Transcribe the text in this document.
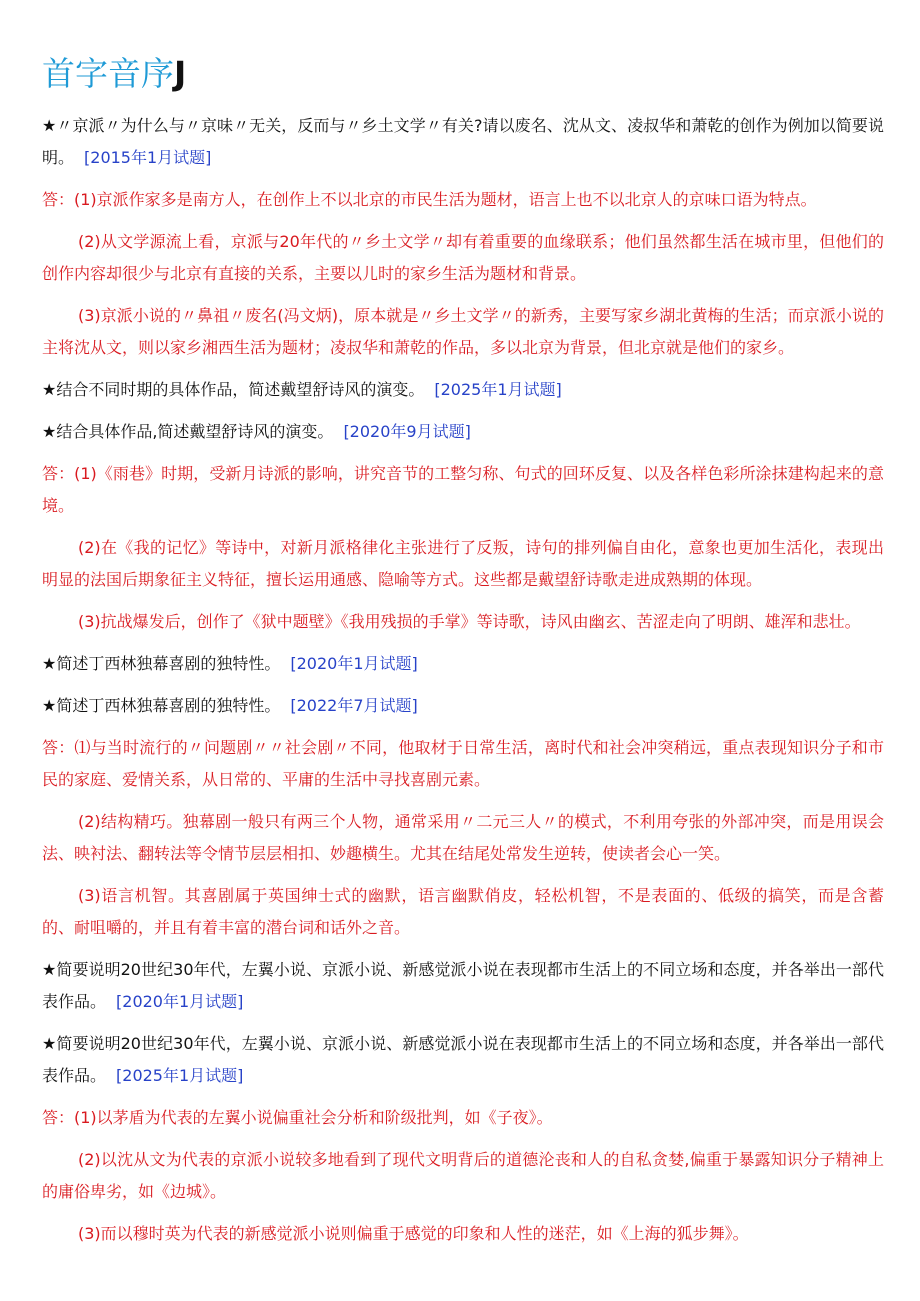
首字音序J

★〃京派〃为什么与〃京味〃无关，反而与〃乡土文学〃有关?请以废名、沈从文、凌叔华和萧乾的创作为例加以简要说明。 [2015年1月试题]

答：(1)京派作家多是南方人，在创作上不以北京的市民生活为题材，语言上也不以北京人的京味口语为特点。

(2)从文学源流上看，京派与20年代的〃乡土文学〃却有着重要的血缘联系；他们虽然都生活在城市里，但他们的创作内容却很少与北京有直接的关系，主要以儿时的家乡生活为题材和背景。

(3)京派小说的〃鼻祖〃废名(冯文炳)，原本就是〃乡土文学〃的新秀，主要写家乡湖北黄梅的生活；而京派小说的主将沈从文，则以家乡湘西生活为题材；凌叔华和萧乾的作品，多以北京为背景，但北京就是他们的家乡。

★结合不同时期的具体作品，简述戴望舒诗风的演变。 [2025年1月试题]

★结合具体作品,简述戴望舒诗风的演变。 [2020年9月试题]

答：(1)《雨巷》时期，受新月诗派的影响，讲究音节的工整匀称、句式的回环反复、以及各样色彩所涂抹建构起来的意境。

(2)在《我的记忆》等诗中，对新月派格律化主张进行了反叛，诗句的排列偏自由化，意象也更加生活化，表现出明显的法国后期象征主义特征，擅长运用通感、隐喻等方式。这些都是戴望舒诗歌走进成熟期的体现。

(3)抗战爆发后，创作了《狱中题壁》《我用残损的手掌》等诗歌，诗风由幽玄、苦涩走向了明朗、雄浑和悲壮。

★简述丁西林独幕喜剧的独特性。 [2020年1月试题]

★简述丁西林独幕喜剧的独特性。 [2022年7月试题]

答：⑴与当时流行的〃问题剧〃〃社会剧〃不同，他取材于日常生活，离时代和社会冲突稍远，重点表现知识分子和市民的家庭、爱情关系，从日常的、平庸的生活中寻找喜剧元素。

(2)结构精巧。独幕剧一般只有两三个人物，通常采用〃二元三人〃的模式，不利用夸张的外部冲突，而是用误会法、映衬法、翻转法等令情节层层相扣、妙趣横生。尤其在结尾处常发生逆转，使读者会心一笑。

(3)语言机智。其喜剧属于英国绅士式的幽默，语言幽默俏皮，轻松机智，不是表面的、低级的搞笑，而是含蓄的、耐咀嚼的，并且有着丰富的潜台词和话外之音。

★简要说明20世纪30年代，左翼小说、京派小说、新感觉派小说在表现都市生活上的不同立场和态度，并各举出一部代表作品。 [2020年1月试题]

★简要说明20世纪30年代，左翼小说、京派小说、新感觉派小说在表现都市生活上的不同立场和态度，并各举出一部代表作品。 [2025年1月试题]

答：(1)以茅盾为代表的左翼小说偏重社会分析和阶级批判，如《子夜》。

(2)以沈从文为代表的京派小说较多地看到了现代文明背后的道德沦丧和人的自私贪婪,偏重于暴露知识分子精神上的庸俗卑劣，如《边城》。

(3)而以穆时英为代表的新感觉派小说则偏重于感觉的印象和人性的迷茫，如《上海的狐步舞》。
